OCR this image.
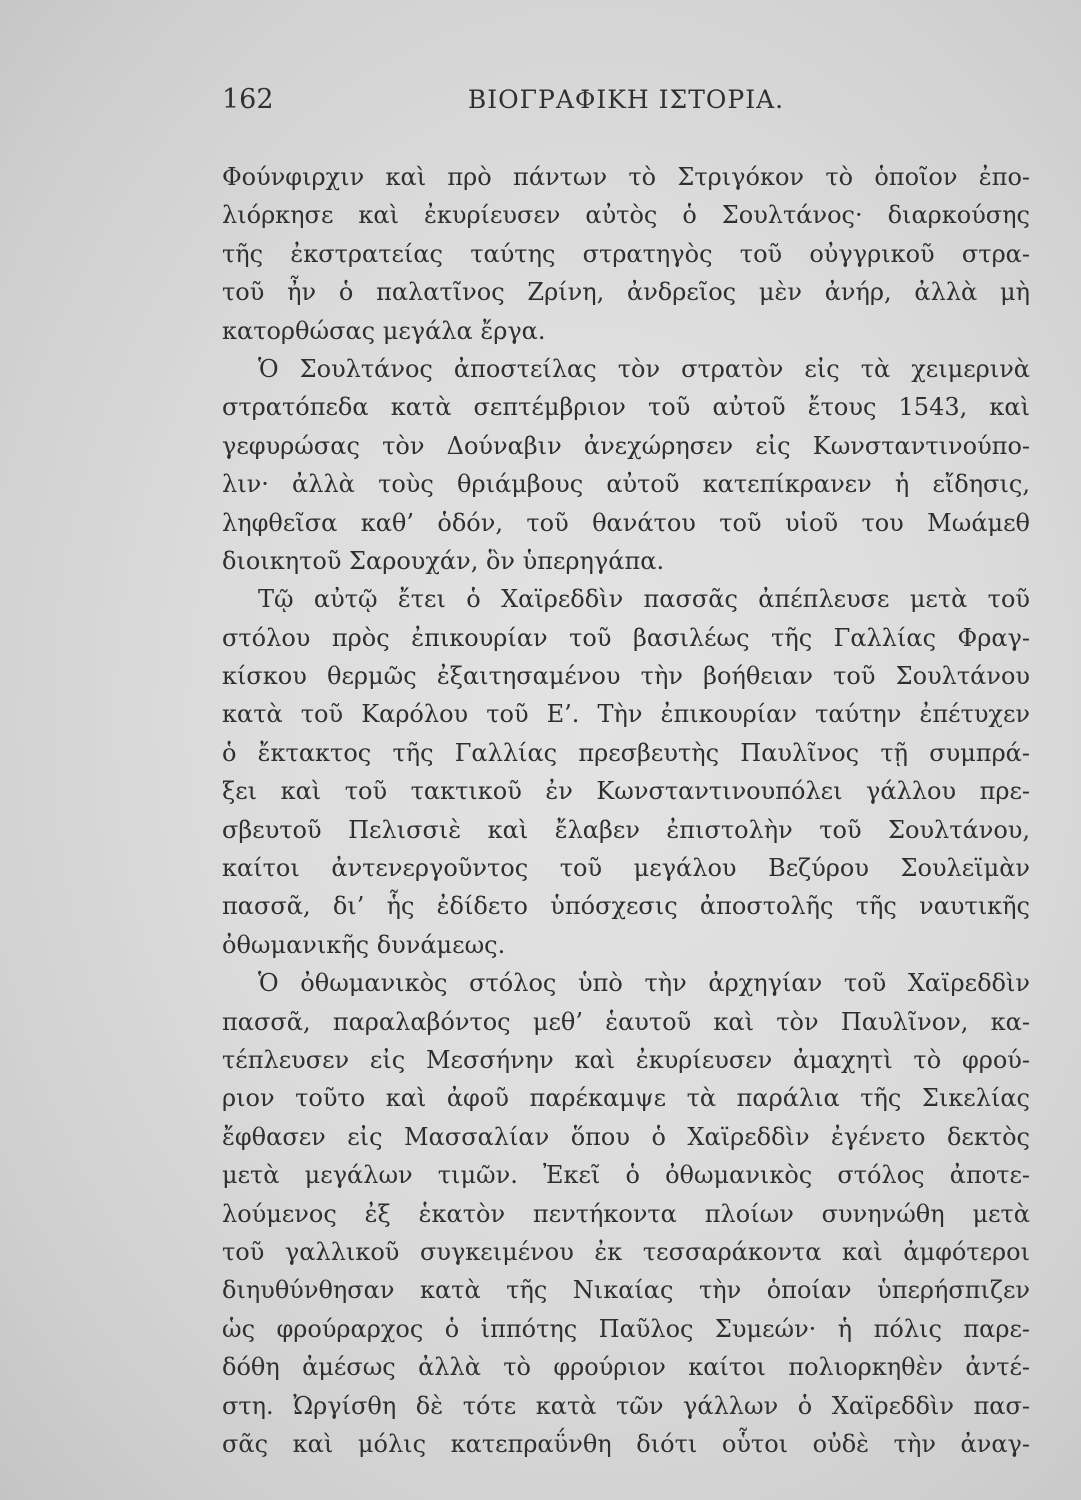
162	ΒΙΟΓΡΑΦΙΚΗ ΙΣΤΟΡΙΑ.
Φούνφιρχιν καὶ πρὸ πάντων τὸ Στριγόκον τὸ ὁποῖον ἐπο-
λιόρκησε καὶ ἐκυρίευσεν αὐτὸς ὁ Σουλτάνος· διαρκούσης
τῆς ἐκστρατείας ταύτης στρατηγὸς τοῦ οὐγγρικοῦ στρα-
τοῦ ἦν ὁ παλατῖνος Ζρίνη, ἀνδρεῖος μὲν ἀνήρ, ἀλλὰ μὴ
κατορθώσας μεγάλα ἔργα.
Ὁ Σουλτάνος ἀποστείλας τὸν στρατὸν εἰς τὰ χειμερινὰ
στρατόπεδα κατὰ σεπτέμβριον τοῦ αὐτοῦ ἔτους 1543, καὶ
γεφυρώσας τὸν Δούναβιν ἀνεχώρησεν εἰς Κωνσταντινούπο-
λιν· ἀλλὰ τοὺς θριάμβους αὐτοῦ κατεπίκρανεν ἡ εἴδησις,
ληφθεῖσα καθ’ ὁδόν, τοῦ θανάτου τοῦ υἱοῦ του Μωάμεθ
διοικητοῦ Σαρουχάν, ὃν ὑπερηγάπα.
Τῷ αὐτῷ ἔτει ὁ Χαϊρεδδὶν πασσᾶς ἀπέπλευσε μετὰ τοῦ
στόλου πρὸς ἐπικουρίαν τοῦ βασιλέως τῆς Γαλλίας Φραγ-
κίσκου θερμῶς ἐξαιτησαμένου τὴν βοήθειαν τοῦ Σουλτάνου
κατὰ τοῦ Καρόλου τοῦ Ε’. Τὴν ἐπικουρίαν ταύτην ἐπέτυχεν
ὁ ἔκτακτος τῆς Γαλλίας πρεσβευτὴς Παυλῖνος τῇ συμπρά-
ξει καὶ τοῦ τακτικοῦ ἐν Κωνσταντινουπόλει γάλλου πρε-
σβευτοῦ Πελισσιὲ καὶ ἔλαβεν ἐπιστολὴν τοῦ Σουλτάνου,
καίτοι ἀντενεργοῦντος τοῦ μεγάλου Βεζύρου Σουλεϊμὰν
πασσᾶ, δι’ ἧς ἐδίδετο ὑπόσχεσις ἀποστολῆς τῆς ναυτικῆς
ὀθωμανικῆς δυνάμεως.
Ὁ ὀθωμανικὸς στόλος ὑπὸ τὴν ἀρχηγίαν τοῦ Χαϊρεδδὶν
πασσᾶ, παραλαβόντος μεθ’ ἑαυτοῦ καὶ τὸν Παυλῖνον, κα-
τέπλευσεν εἰς Μεσσήνην καὶ ἐκυρίευσεν ἀμαχητὶ τὸ φρού-
ριον τοῦτο καὶ ἀφοῦ παρέκαμψε τὰ παράλια τῆς Σικελίας
ἔφθασεν εἰς Μασσαλίαν ὅπου ὁ Χαϊρεδδὶν ἐγένετο δεκτὸς
μετὰ μεγάλων τιμῶν. Ἐκεῖ ὁ ὀθωμανικὸς στόλος ἀποτε-
λούμενος ἐξ ἑκατὸν πεντήκοντα πλοίων συνηνώθη μετὰ
τοῦ γαλλικοῦ συγκειμένου ἐκ τεσσαράκοντα καὶ ἀμφότεροι
διηυθύνθησαν κατὰ τῆς Νικαίας τὴν ὁποίαν ὑπερήσπιζεν
ὡς φρούραρχος ὁ ἱππότης Παῦλος Συμεών· ἡ πόλις παρε-
δόθη ἀμέσως ἀλλὰ τὸ φρούριον καίτοι πολιορκηθὲν ἀντέ-
στη. Ὠργίσθη δὲ τότε κατὰ τῶν γάλλων ὁ Χαϊρεδδὶν πασ-
σᾶς καὶ μόλις κατεπραΰνθη διότι οὗτοι οὐδὲ τὴν ἀναγ-
